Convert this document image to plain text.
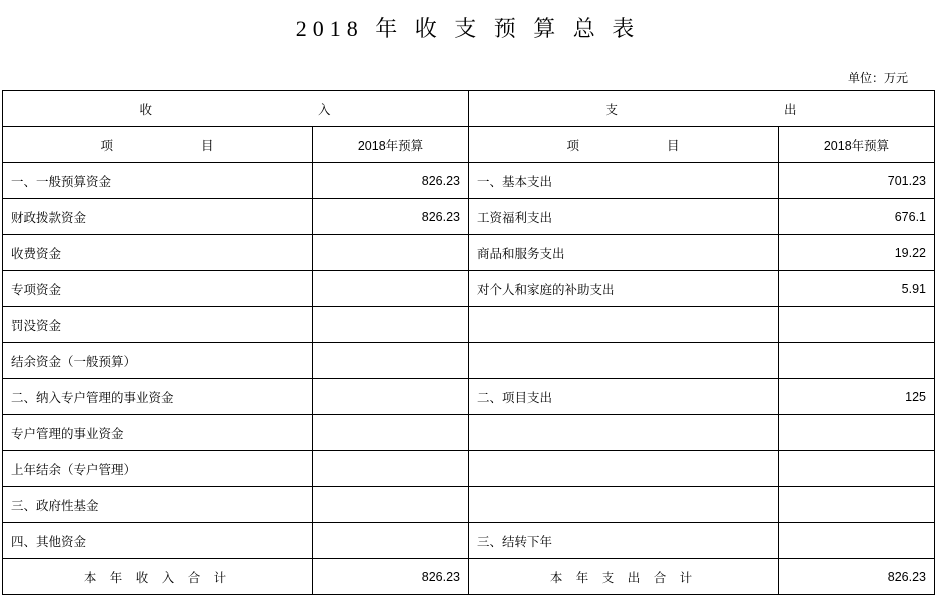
2018 年 收 支 预 算 总 表
单位：万元
收 入		支 出	

项 目	2018年预算	项 目	2018年预算
一、一般预算资金	826.23	一、基本支出	701.23
财政拨款资金	826.23	工资福利支出	676.1
收费资金		商品和服务支出	19.22
专项资金		对个人和家庭的补助支出	5.91
罚没资金			
结余资金（一般预算）			
二、纳入专户管理的事业资金		二、项目支出	125
专户管理的事业资金			
上年结余（专户管理）			
三、政府性基金			
四、其他资金		三、结转下年	
本 年 收 入 合 计	826.23	本 年 支 出 合 计	826.23
